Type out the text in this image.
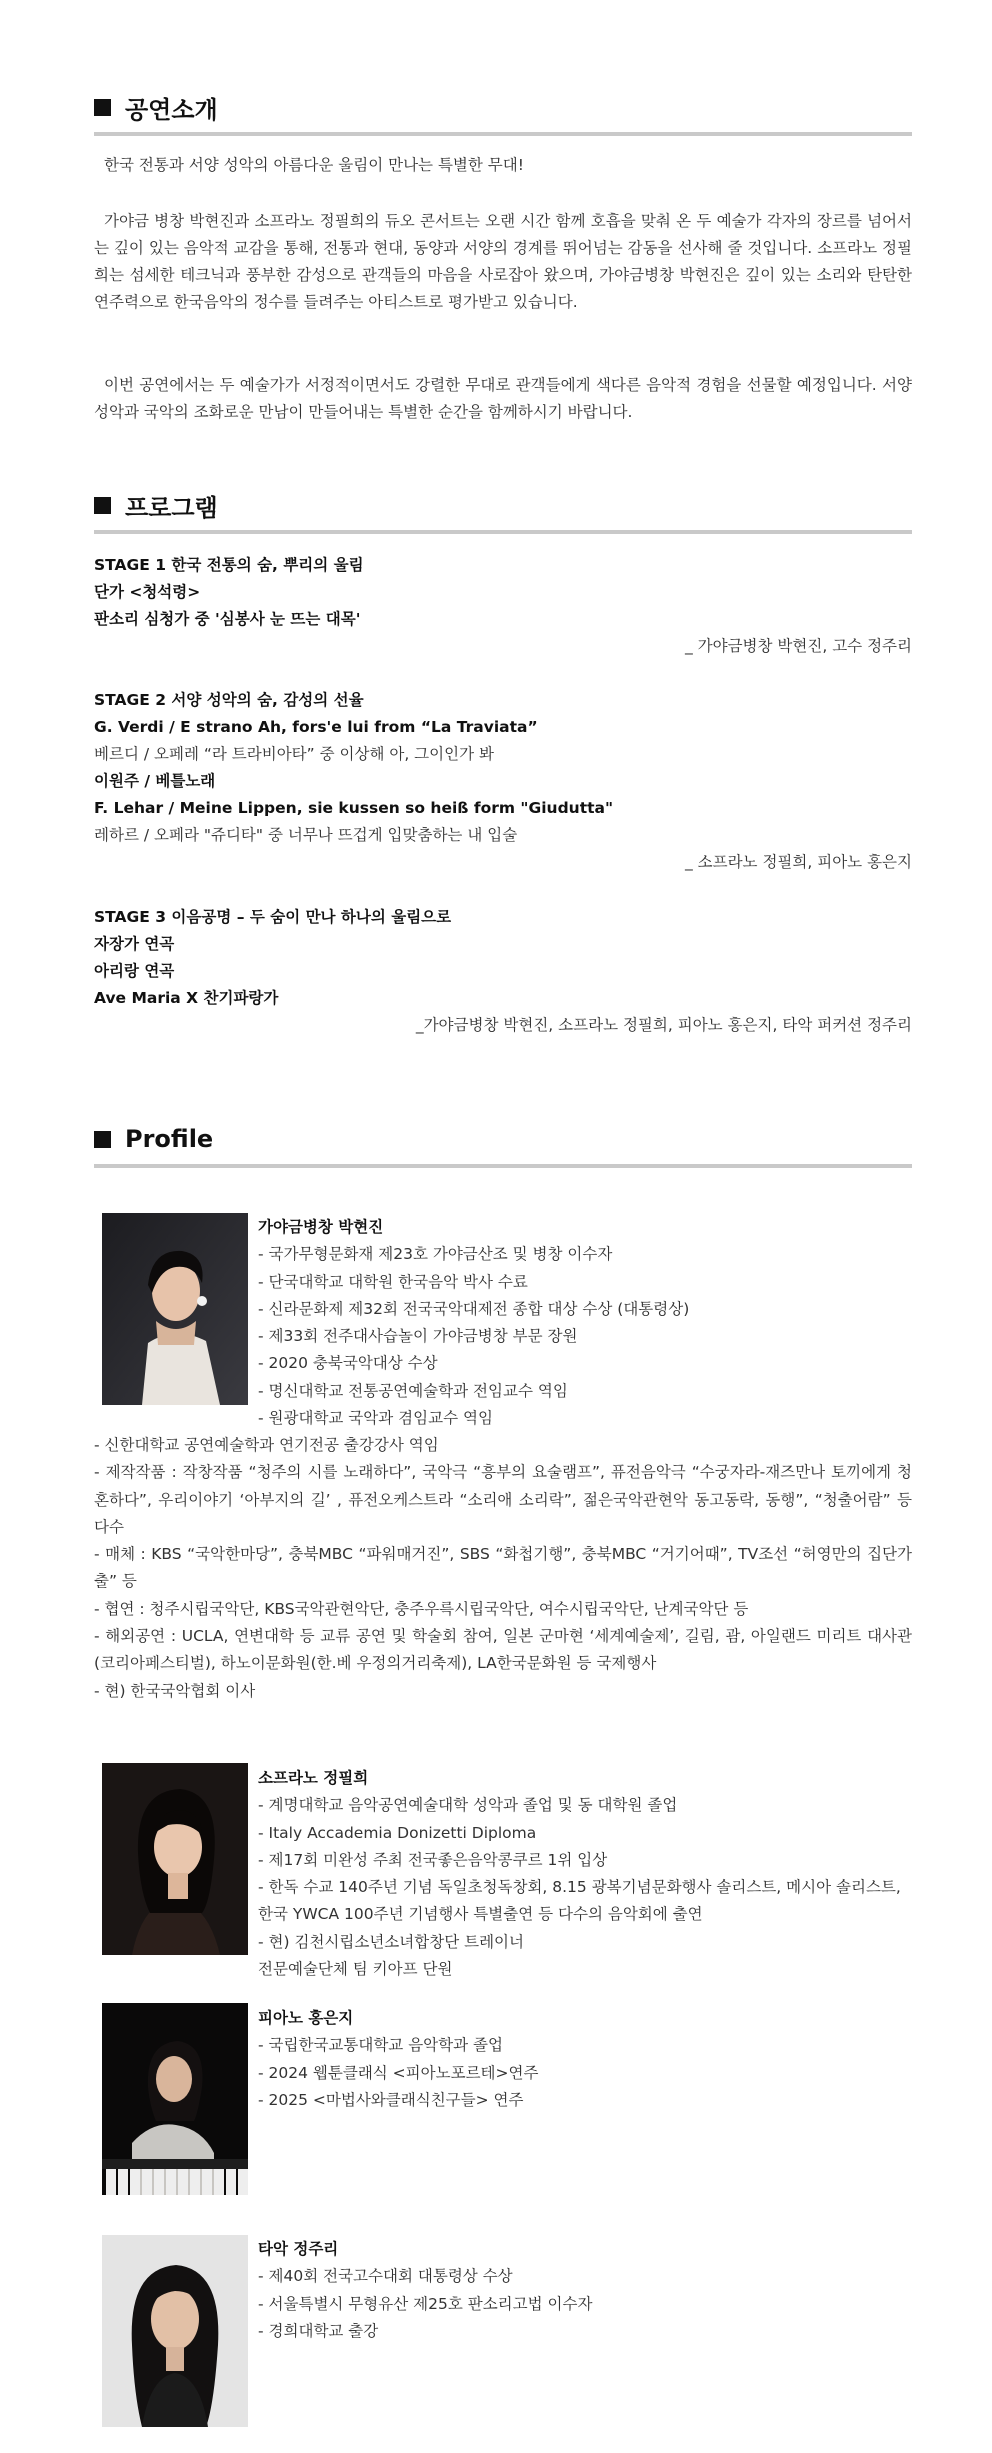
공연소개
한국 전통과 서양 성악의 아름다운 울림이 만나는 특별한 무대!
가야금 병창 박현진과 소프라노 정필희의 듀오 콘서트는 오랜 시간 함께 호흡을 맞춰 온 두 예술가 각자의 장르를 넘어서는 깊이 있는 음악적 교감을 통해, 전통과 현대, 동양과 서양의 경계를 뛰어넘는 감동을 선사해 줄 것입니다. 소프라노 정필희는 섬세한 테크닉과 풍부한 감성으로 관객들의 마음을 사로잡아 왔으며, 가야금병창 박현진은 깊이 있는 소리와 탄탄한 연주력으로 한국음악의 정수를 들려주는 아티스트로 평가받고 있습니다.
이번 공연에서는 두 예술가가 서정적이면서도 강렬한 무대로 관객들에게 색다른 음악적 경험을 선물할 예정입니다. 서양 성악과 국악의 조화로운 만남이 만들어내는 특별한 순간을 함께하시기 바랍니다.
프로그램
STAGE 1 한국 전통의 숨, 뿌리의 울림
단가 <청석령>
판소리 심청가 중 '심봉사 눈 뜨는 대목'
_ 가야금병창 박현진, 고수 정주리
STAGE 2 서양 성악의 숨, 감성의 선율
G. Verdi / E strano Ah, fors'e lui from “La Traviata”
베르디 / 오페레 “라 트라비아타” 중 이상해 아, 그이인가 봐
이원주 / 베틀노래
F. Lehar / Meine Lippen, sie kussen so heiß form "Giudutta"
레하르 / 오페라 "쥬디타" 중 너무나 뜨겁게 입맞춤하는 내 입술
_ 소프라노 정필희, 피아노 홍은지
STAGE 3 이음공명 – 두 숨이 만나 하나의 울림으로
자장가 연곡
아리랑 연곡
Ave Maria X 찬기파랑가
_가야금병창 박현진, 소프라노 정필희, 피아노 홍은지, 타악 퍼커션 정주리
Profile
가야금병창 박현진
- 국가무형문화재 제23호 가야금산조 및 병창 이수자
- 단국대학교 대학원 한국음악 박사 수료
- 신라문화제 제32회 전국국악대제전 종합 대상 수상 (대통령상)
- 제33회 전주대사습놀이 가야금병창 부문 장원
- 2020 충북국악대상 수상
- 명신대학교 전통공연예술학과 전임교수 역임
- 원광대학교 국악과 겸임교수 역임
- 신한대학교 공연예술학과 연기전공 출강강사 역임
- 제작작품 : 작창작품 “청주의 시를 노래하다”, 국악극 “흥부의 요술램프”, 퓨전음악극 “수궁자라-재즈만나 토끼에게 청혼하다”, 우리이야기 ‘아부지의 길’ , 퓨전오케스트라 “소리애 소리락”, 젊은국악관현악 동고동락, 동행”, “청출어람” 등 다수
- 매체 : KBS “국악한마당”, 충북MBC “파워매거진”, SBS “화첩기행”, 충북MBC “거기어때”, TV조선 “허영만의 집단가출” 등
- 협연 : 청주시립국악단, KBS국악관현악단, 충주우륵시립국악단, 여수시립국악단, 난계국악단 등
- 해외공연 : UCLA, 연변대학 등 교류 공연 및 학술회 참여, 일본 군마현 ‘세계예술제’, 길림, 괌, 아일랜드 미리트 대사관(코리아페스티벌), 하노이문화원(한.베 우정의거리축제), LA한국문화원 등 국제행사
- 현) 한국국악협회 이사
소프라노 정필희
- 계명대학교 음악공연예술대학 성악과 졸업 및 동 대학원 졸업
- Italy Accademia Donizetti Diploma
- 제17회 미완성 주최 전국좋은음악콩쿠르 1위 입상
- 한독 수교 140주년 기념 독일초청독창회, 8.15 광복기념문화행사 솔리스트, 메시아 솔리스트, 한국 YWCA 100주년 기념행사 특별출연 등 다수의 음악회에 출연
- 현) 김천시립소년소녀합창단 트레이너
전문예술단체 팀 키아프 단원
피아노 홍은지
- 국립한국교통대학교 음악학과 졸업
- 2024 웹툰클래식 <피아노포르테>연주
- 2025 <마법사와클래식친구들> 연주
타악 정주리
- 제40회 전국고수대회 대통령상 수상
- 서울특별시 무형유산 제25호 판소리고법 이수자
- 경희대학교 출강
